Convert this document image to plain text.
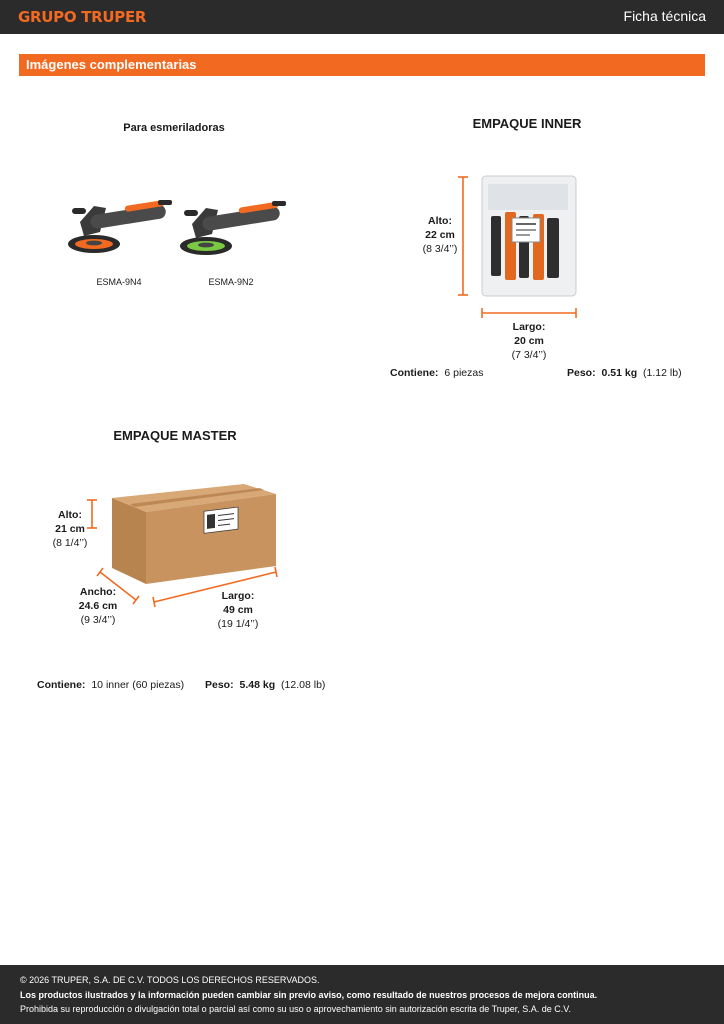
GRUPO TRUPER	Ficha técnica
Imágenes complementarias
Para esmeriladoras
ESMA-9N4	ESMA-9N2
EMPAQUE INNER
Alto:
22 cm
(8 3/4’’)
Largo:
20 cm
(7 3/4’’)
Contiene: 6 piezas	Peso: 0.51 kg (1.12 lb)
EMPAQUE MASTER
Alto:
21 cm
(8 1/4’’)
Ancho:
24.6 cm
(9 3/4’’)
Largo:
49 cm
(19 1/4’’)
Contiene: 10 inner (60 piezas) Peso: 5.48 kg (12.08 lb)

© 2026 TRUPER, S.A. DE C.V. TODOS LOS DERECHOS RESERVADOS.

Los productos ilustrados y la información pueden cambiar sin previo aviso, como resultado de nuestros procesos de mejora continua.

Prohibida su reproducción o divulgación total o parcial así como su uso o aprovechamiento sin autorización escrita de Truper, S.A. de C.V.
